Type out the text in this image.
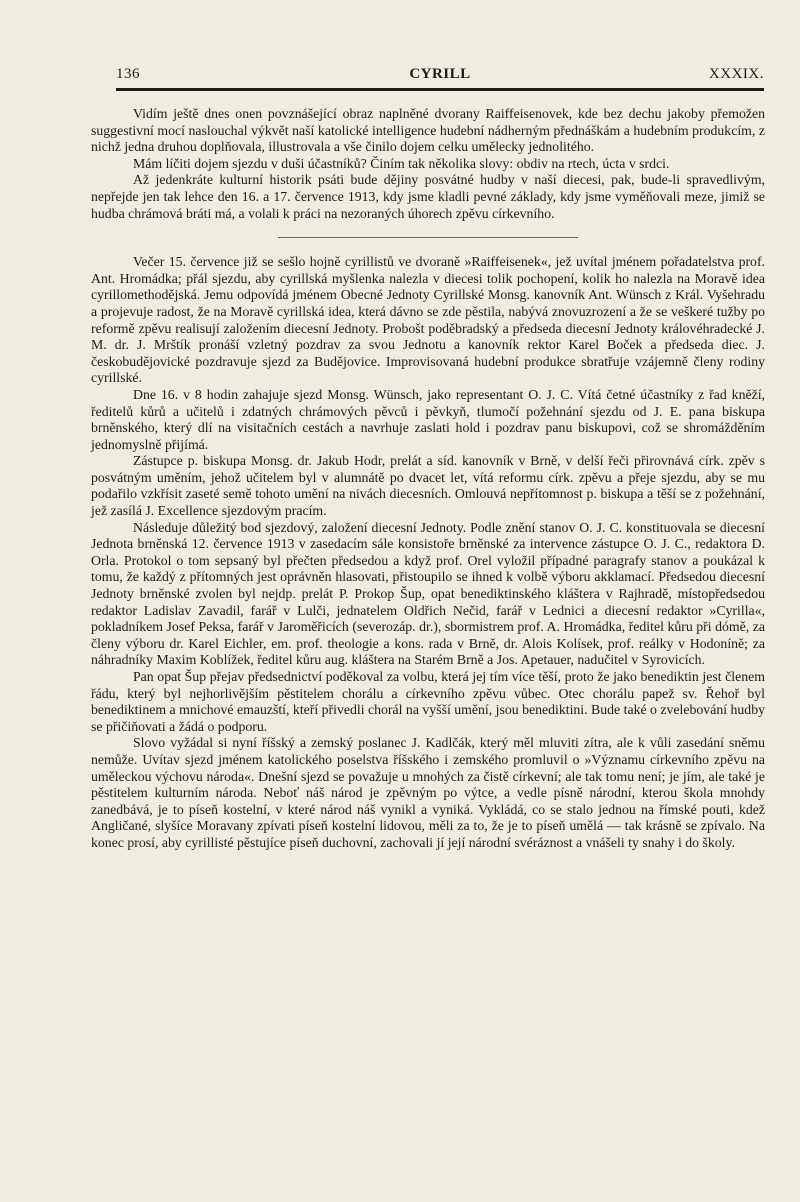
136	CYRILL	XXXIX.

Vidím ještě dnes onen povznášející obraz naplněné dvorany Raiffeisenovek, kde bez dechu jakoby přemožen suggestivní mocí naslouchal výkvět naší katolické intelligence hudební nádherným přednáškám a hudebním produkcím, z nichž jedna druhou doplňovala, illustrovala a vše činilo dojem celku umělecky jednolitého.

Mám líčiti dojem sjezdu v duši účastníků? Činím tak několika slovy: obdiv na rtech, úcta v srdci.

Až jedenkráte kulturní historik psáti bude dějiny posvátné hudby v naší diecesi, pak, bude-li spravedlivým, nepřejde jen tak lehce den 16. a 17. července 1913, kdy jsme kladli pevné základy, kdy jsme vyměňovali meze, jimiž se hudba chrámová bráti má, a volali k práci na nezoraných úhorech zpěvu církevního.

Večer 15. července již se sešlo hojně cyrillistů ve dvoraně »Raiffeisenek«, jež uvítal jménem pořadatelstva prof. Ant. Hromádka; přál sjezdu, aby cyrillská myšlenka nalezla v diecesi tolik pochopení, kolik ho nalezla na Moravě idea cyrillomethodějská. Jemu odpovídá jménem Obecné Jednoty Cyrillské Monsg. kanovník Ant. Wünsch z Král. Vyšehradu a projevuje radost, že na Moravě cyrillská idea, která dávno se zde pěstila, nabývá znovuzrození a že se veškeré tužby po reformě zpěvu realisují založením diecesní Jednoty. Probošt poděbradský a předseda diecesní Jednoty královéhradecké J. M. dr. J. Mrštík pronáší vzletný pozdrav za svou Jednotu a kanovník rektor Karel Boček a předseda diec. J. českobudějovické pozdravuje sjezd za Budějovice. Improvisovaná hudební produkce sbratřuje vzájemně členy rodiny cyrillské.

Dne 16. v 8 hodin zahajuje sjezd Monsg. Wünsch, jako representant O. J. C. Vítá četné účastníky z řad kněží, ředitelů kůrů a učitelů i zdatných chrámových pěvců i pěvkyň, tlumočí požehnání sjezdu od J. E. pana biskupa brněnského, který dlí na visitačních cestách a navrhuje zaslati hold i pozdrav panu biskupovi, což se shromážděním jednomyslně přijímá.

Zástupce p. biskupa Monsg. dr. Jakub Hodr, prelát a síd. kanovník v Brně, v delší řeči přirovnává círk. zpěv s posvátným uměním, jehož učitelem byl v alumnátě po dvacet let, vítá reformu círk. zpěvu a přeje sjezdu, aby se mu podařilo vzkřísit zaseté semě tohoto umění na nivách diecesních. Omlouvá nepřítomnost p. biskupa a těší se z požehnání, jež zasílá J. Excellence sjezdovým pracím.

Následuje důležitý bod sjezdový, založení diecesní Jednoty. Podle znění stanov O. J. C. konstituovala se diecesní Jednota brněnská 12. července 1913 v zasedacím sále konsistoře brněnské za intervence zástupce O. J. C., redaktora D. Orla. Protokol o tom sepsaný byl přečten předsedou a když prof. Orel vyložil případné paragrafy stanov a poukázal k tomu, že každý z přítomných jest oprávněn hlasovati, přistoupilo se ihned k volbě výboru akklamací. Předsedou diecesní Jednoty brněnské zvolen byl nejdp. prelát P. Prokop Šup, opat benediktinského kláštera v Rajhradě, místopředsedou redaktor Ladislav Zavadil, farář v Lulči, jednatelem Oldřich Nečid, farář v Lednici a diecesní redaktor »Cyrilla«, pokladníkem Josef Peksa, farář v Jaroměřicích (severozáp. dr.), sbormistrem prof. A. Hromádka, ředitel kůru při dómě, za členy výboru dr. Karel Eichler, em. prof. theologie a kons. rada v Brně, dr. Alois Kolísek, prof. reálky v Hodoníně; za náhradníky Maxim Koblížek, ředitel kůru aug. kláštera na Starém Brně a Jos. Apetauer, nadučitel v Syrovicích.

Pan opat Šup přejav předsednictví poděkoval za volbu, která jej tím více těší, proto že jako benediktin jest členem řádu, který byl nejhorlivějším pěstitelem chorálu a církevního zpěvu vůbec. Otec chorálu papež sv. Řehoř byl benediktinem a mnichové emauzští, kteří přivedli chorál na vyšší umění, jsou benediktini. Bude také o zvelebování hudby se přičiňovati a žádá o podporu.

Slovo vyžádal si nyní říšský a zemský poslanec J. Kadlčák, který měl mluviti zítra, ale k vůli zasedání sněmu nemůže. Uvítav sjezd jménem katolického poselstva říšského i zemského promluvil o »Významu církevního zpěvu na uměleckou výchovu národa«. Dnešní sjezd se považuje u mnohých za čistě církevní; ale tak tomu není; je jím, ale také je pěstitelem kulturním národa. Neboť náš národ je zpěvným po výtce, a vedle písně národní, kterou škola mnohdy zanedbává, je to píseň kostelní, v které národ náš vynikl a vyniká. Vykládá, co se stalo jednou na římské pouti, kdež Angličané, slyšíce Moravany zpívati píseň kostelní lidovou, měli za to, že je to píseň umělá — tak krásně se zpívalo. Na konec prosí, aby cyrillisté pěstujíce píseň duchovní, zachovali jí její národní svéráznost a vnášeli ty snahy i do školy.
